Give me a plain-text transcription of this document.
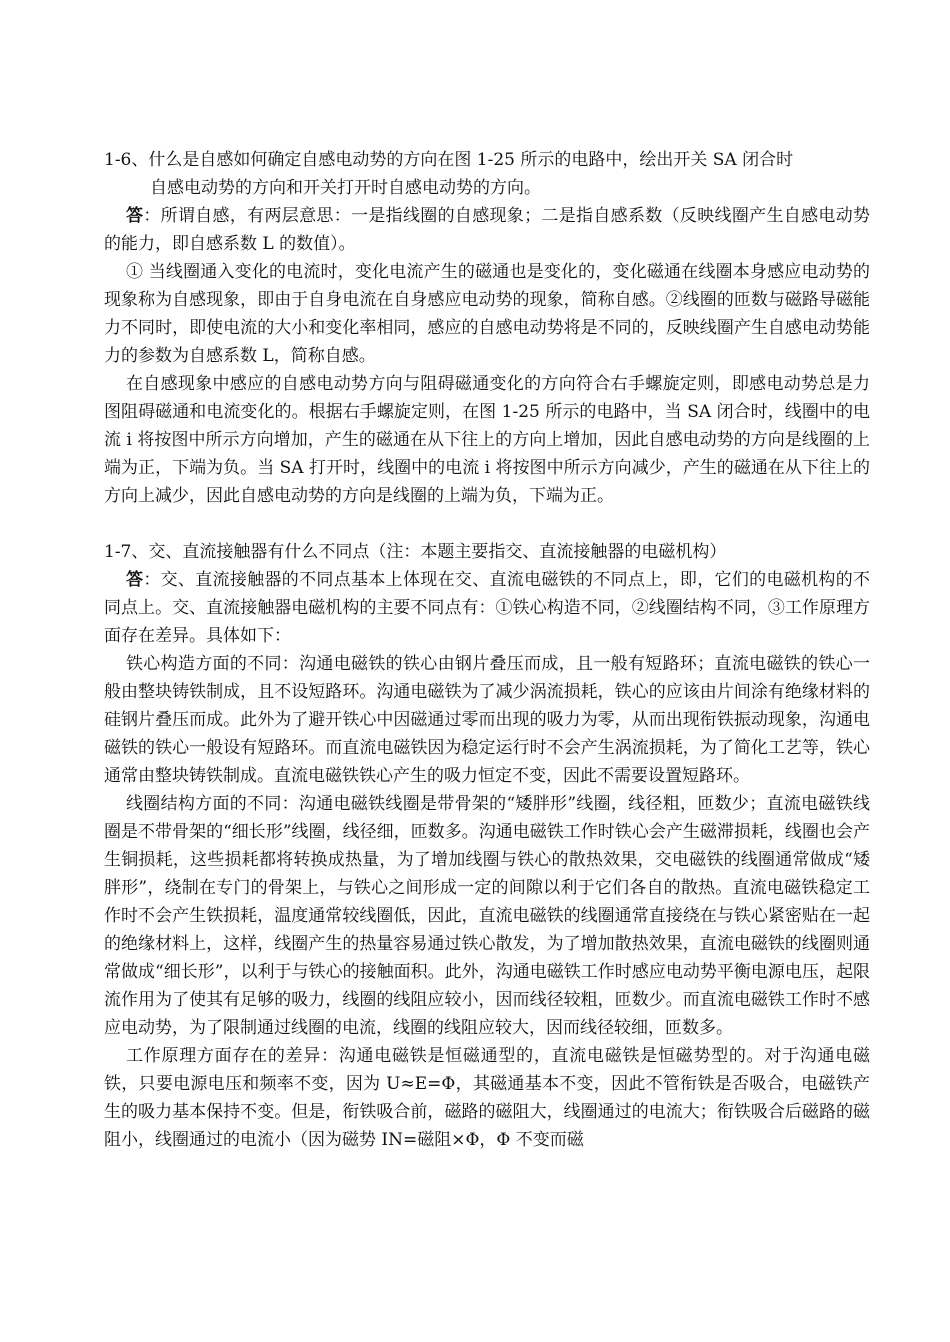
1-6、什么是自感如何确定自感电动势的方向在图 1-25 所示的电路中，绘出开关 SA 闭合时
自感电动势的方向和开关打开时自感电动势的方向。

答：所谓自感，有两层意思：一是指线圈的自感现象；二是指自感系数（反映线圈产生自感电动势的能力，即自感系数 L 的数值）。

① 当线圈通入变化的电流时，变化电流产生的磁通也是变化的，变化磁通在线圈本身感应电动势的现象称为自感现象，即由于自身电流在自身感应电动势的现象，简称自感。②线圈的匝数与磁路导磁能力不同时，即使电流的大小和变化率相同，感应的自感电动势将是不同的，反映线圈产生自感电动势能力的参数为自感系数 L，简称自感。

在自感现象中感应的自感电动势方向与阻碍磁通变化的方向符合右手螺旋定则，即感电动势总是力图阻碍磁通和电流变化的。根据右手螺旋定则，在图 1-25 所示的电路中，当 SA 闭合时，线圈中的电流 i 将按图中所示方向增加，产生的磁通在从下往上的方向上增加，因此自感电动势的方向是线圈的上端为正，下端为负。当 SA 打开时，线圈中的电流 i 将按图中所示方向减少，产生的磁通在从下往上的方向上减少，因此自感电动势的方向是线圈的上端为负，下端为正。

1-7、交、直流接触器有什么不同点（注：本题主要指交、直流接触器的电磁机构）

答：交、直流接触器的不同点基本上体现在交、直流电磁铁的不同点上，即，它们的电磁机构的不同点上。交、直流接触器电磁机构的主要不同点有：①铁心构造不同，②线圈结构不同，③工作原理方面存在差异。具体如下：

铁心构造方面的不同：沟通电磁铁的铁心由钢片叠压而成，且一般有短路环；直流电磁铁的铁心一般由整块铸铁制成，且不设短路环。沟通电磁铁为了减少涡流损耗，铁心的应该由片间涂有绝缘材料的硅钢片叠压而成。此外为了避开铁心中因磁通过零而出现的吸力为零，从而出现衔铁振动现象，沟通电磁铁的铁心一般设有短路环。而直流电磁铁因为稳定运行时不会产生涡流损耗，为了简化工艺等，铁心通常由整块铸铁制成。直流电磁铁铁心产生的吸力恒定不变，因此不需要设置短路环。

线圈结构方面的不同：沟通电磁铁线圈是带骨架的“矮胖形”线圈，线径粗，匝数少；直流电磁铁线圈是不带骨架的“细长形”线圈，线径细，匝数多。沟通电磁铁工作时铁心会产生磁滞损耗，线圈也会产生铜损耗，这些损耗都将转换成热量，为了增加线圈与铁心的散热效果，交电磁铁的线圈通常做成“矮胖形”，绕制在专门的骨架上，与铁心之间形成一定的间隙以利于它们各自的散热。直流电磁铁稳定工作时不会产生铁损耗，温度通常较线圈低，因此，直流电磁铁的线圈通常直接绕在与铁心紧密贴在一起的绝缘材料上，这样，线圈产生的热量容易通过铁心散发，为了增加散热效果，直流电磁铁的线圈则通常做成“细长形”，以利于与铁心的接触面积。此外，沟通电磁铁工作时感应电动势平衡电源电压，起限流作用为了使其有足够的吸力，线圈的线阻应较小，因而线径较粗，匝数少。而直流电磁铁工作时不感应电动势，为了限制通过线圈的电流，线圈的线阻应较大，因而线径较细，匝数多。

工作原理方面存在的差异：沟通电磁铁是恒磁通型的，直流电磁铁是恒磁势型的。对于沟通电磁铁，只要电源电压和频率不变，因为 U≈E=Φ，其磁通基本不变，因此不管衔铁是否吸合，电磁铁产生的吸力基本保持不变。但是，衔铁吸合前，磁路的磁阻大，线圈通过的电流大；衔铁吸合后磁路的磁阻小，线圈通过的电流小（因为磁势 IN=磁阻×Φ，Φ 不变而磁
